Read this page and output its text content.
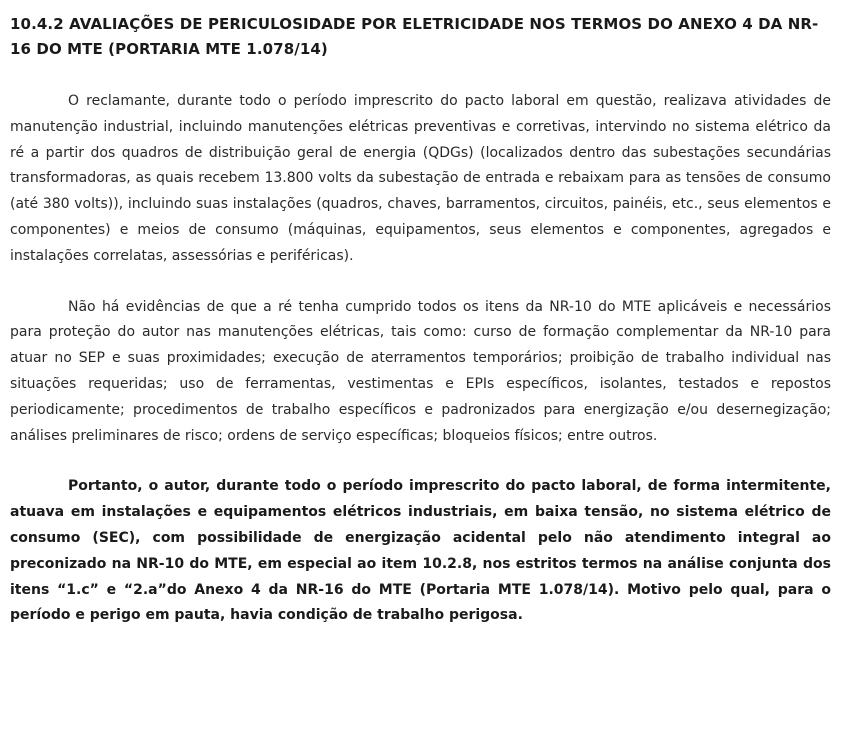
10.4.2 AVALIAÇÕES DE PERICULOSIDADE POR ELETRICIDADE NOS TERMOS DO ANEXO 4 DA NR-16 DO MTE (PORTARIA MTE 1.078/14)

O reclamante, durante todo o período imprescrito do pacto laboral em questão, realizava atividades de manutenção industrial, incluindo manutenções elétricas preventivas e corretivas, intervindo no sistema elétrico da ré a partir dos quadros de distribuição geral de energia (QDGs) (localizados dentro das subestações secundárias transformadoras, as quais recebem 13.800 volts da subestação de entrada e rebaixam para as tensões de consumo (até 380 volts)), incluindo suas instalações (quadros, chaves, barramentos, circuitos, painéis, etc., seus elementos e componentes) e meios de consumo (máquinas, equipamentos, seus elementos e componentes, agregados e instalações correlatas, assessórias e periféricas).

Não há evidências de que a ré tenha cumprido todos os itens da NR-10 do MTE aplicáveis e necessários para proteção do autor nas manutenções elétricas, tais como: curso de formação complementar da NR-10 para atuar no SEP e suas proximidades; execução de aterramentos temporários; proibição de trabalho individual nas situações requeridas; uso de ferramentas, vestimentas e EPIs específicos, isolantes, testados e repostos periodicamente; procedimentos de trabalho específicos e padronizados para energização e/ou desernegização; análises preliminares de risco; ordens de serviço específicas; bloqueios físicos; entre outros.

Portanto, o autor, durante todo o período imprescrito do pacto laboral, de forma intermitente, atuava em instalações e equipamentos elétricos industriais, em baixa tensão, no sistema elétrico de consumo (SEC), com possibilidade de energização acidental pelo não atendimento integral ao preconizado na NR-10 do MTE, em especial ao item 10.2.8, nos estritos termos na análise conjunta dos itens “1.c” e “2.a”do Anexo 4 da NR-16 do MTE (Portaria MTE 1.078/14). Motivo pelo qual, para o período e perigo em pauta, havia condição de trabalho perigosa.
